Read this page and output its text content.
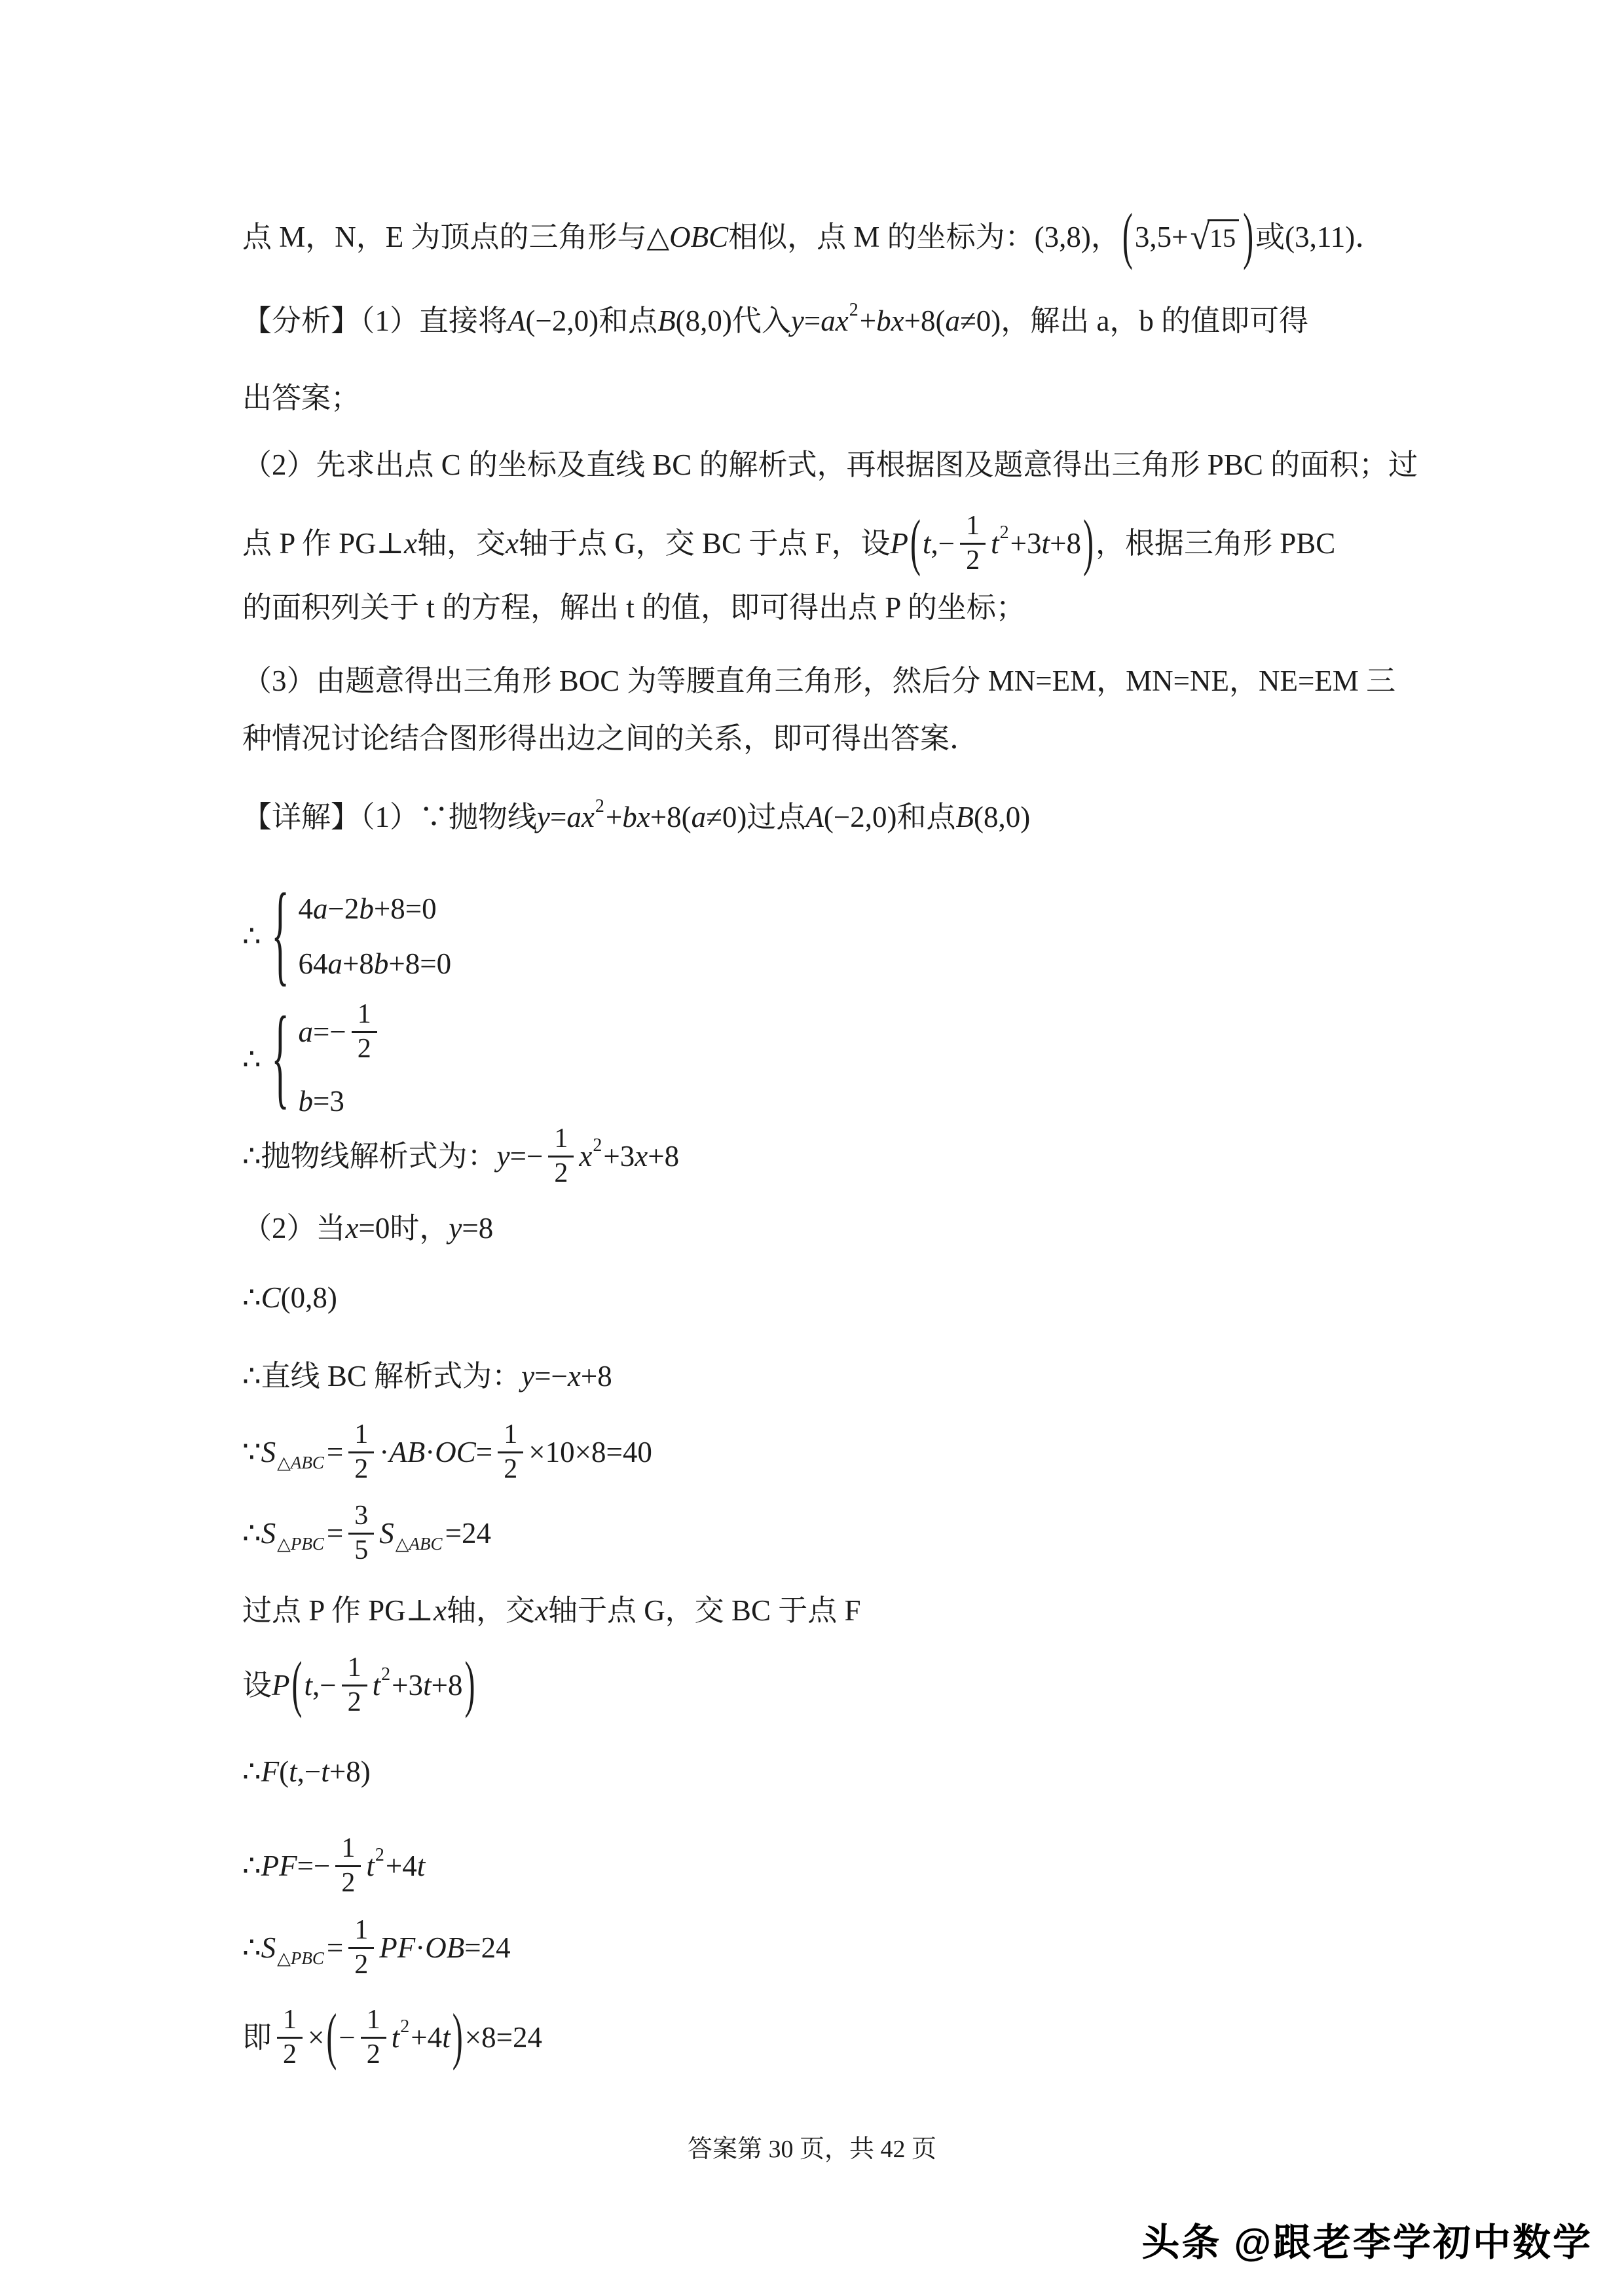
答案第 30 页，共 42 页
头条 @跟老李学初中数学
点 M，N，E 为顶点的三角形与 △ OBC 相似，点 M 的坐标为： (3,8) ， ( 3,5+ √ 15 ) 或 (3,11) ．
【分析】（1）直接将 A (−2,0) 和点 B (8,0) 代入 y = ax 2 + bx +8( a ≠0) ，解出 a，b 的值即可得
出答案；
（2）先求出点 C 的坐标及直线 BC 的解析式，再根据图及题意得出三角形 PBC 的面积；过
点 P 作 PG⊥ x 轴，交 x 轴于点 G，交 BC 于点 F，设 P ( t ,− $\frac{1}{2}$ t 2 +3 t +8 ) ，根据三角形 PBC
的面积列关于 t 的方程，解出 t 的值，即可得出点 P 的坐标；
（3）由题意得出三角形 BOC 为等腰直角三角形，然后分 MN=EM，MN=NE，NE=EM 三
种情况讨论结合图形得出边之间的关系，即可得出答案．
【详解】（1）∵抛物线 y = ax 2 + bx +8( a ≠0) 过点 A (−2,0) 和点 B (8,0)
∴ { 4 a −2 b +8=0
64 a +8 b +8=0
∴ { $a =- \frac{1}{2}$
b =3
∴ 抛物线解析式为： $y =- \frac{1}{2}$ x 2 +3 x +8
（2）当 x =0 时， y =8
∴ C (0,8)
∴ 直线 BC 解析式为： y =− x +8
∵ S △ABC = $\frac{1}{2}$ · AB · OC = $\frac{1}{2} \times 10\times 8=40$
∴ S △PBC = $\frac{3}{5}$ S △ABC =24
过点 P 作 PG⊥ x 轴，交 x 轴于点 G，交 BC 于点 F
设 P ( t ,− $\frac{1}{2}$ t 2 +3 t +8 )
∴ F ( t ,− t +8)
∴ PF =− $\frac{1}{2}$ t 2 +4 t
∴ S △PBC = $\frac{1}{2}$ PF · OB =24
即 $\frac{1}{2}$ × ( − $\frac{1}{2}$ t 2 +4 t ) ×8=24
